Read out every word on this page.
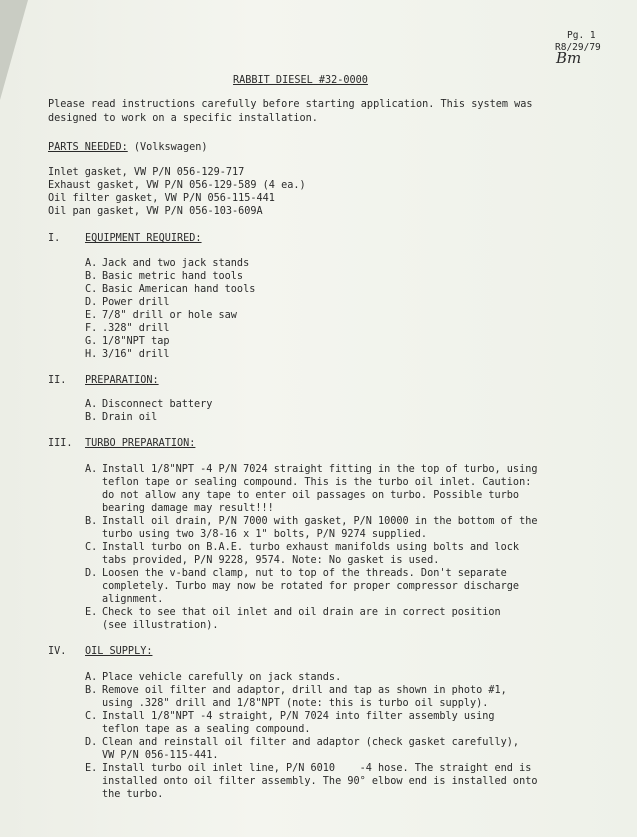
Pg. 1
R8/29/79
Bm
RABBIT DIESEL #32-0000
Please read instructions carefully before starting application. This system was
designed to work on a specific installation.
PARTS NEEDED: (Volkswagen)
Inlet gasket, VW P/N 056-129-717
Exhaust gasket, VW P/N 056-129-589 (4 ea.)
Oil filter gasket, VW P/N 056-115-441
Oil pan gasket, VW P/N 056-103-609A
I. EQUIPMENT REQUIRED:
A. Jack and two jack stands
B. Basic metric hand tools
C. Basic American hand tools
D. Power drill
E. 7/8" drill or hole saw
F. .328" drill
G. 1/8"NPT tap
H. 3/16" drill
II. PREPARATION:
A. Disconnect battery
B. Drain oil
III. TURBO PREPARATION:
A. Install 1/8"NPT -4 P/N 7024 straight fitting in the top of turbo, using
teflon tape or sealing compound. This is the turbo oil inlet. Caution:
do not allow any tape to enter oil passages on turbo. Possible turbo
bearing damage may result!!!
B. Install oil drain, P/N 7000 with gasket, P/N 10000 in the bottom of the
turbo using two 3/8-16 x 1" bolts, P/N 9274 supplied.
C. Install turbo on B.A.E. turbo exhaust manifolds using bolts and lock
tabs provided, P/N 9228, 9574. Note: No gasket is used.
D. Loosen the v-band clamp, nut to top of the threads. Don't separate
completely. Turbo may now be rotated for proper compressor discharge
alignment.
E. Check to see that oil inlet and oil drain are in correct position
(see illustration).
IV. OIL SUPPLY:
A. Place vehicle carefully on jack stands.
B. Remove oil filter and adaptor, drill and tap as shown in photo #1,
using .328" drill and 1/8"NPT (note: this is turbo oil supply).
C. Install 1/8"NPT -4 straight, P/N 7024 into filter assembly using
teflon tape as a sealing compound.
D. Clean and reinstall oil filter and adaptor (check gasket carefully),
VW P/N 056-115-441.
E. Install turbo oil inlet line, P/N 6010    -4 hose. The straight end is
installed onto oil filter assembly. The 90° elbow end is installed onto
the turbo.
